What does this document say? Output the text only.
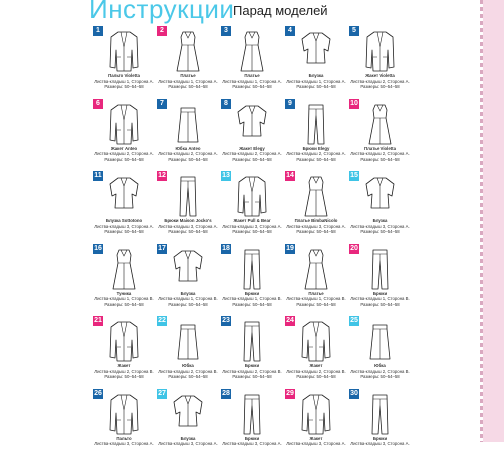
Инструкции
Парад моделей
1
Пальто Violetta
Листва-кладыш 1, Сторона А.
Размеры: 50–54–58
2
Платье
Листва-кладыш 1, Сторона А.
Размеры: 50–54–58
3
Платье
Листва-кладыш 1, Сторона А.
Размеры: 50–54–58
4
Блузка
Листва-кладыш 1, Сторона А.
Размеры: 50–54–58
5
Жакет Violetta
Листва-кладыш 2, Сторона А.
Размеры: 50–54–58
6
Жакет Anteo
Листва-кладыш 2, Сторона А.
Размеры: 50–54–58
7
Юбка Anteo
Листва-кладыш 2, Сторона А.
Размеры: 50–54–58
8
Жакет Elegy
Листва-кладыш 2, Сторона А.
Размеры: 50–54–58
9
Брюки Elegy
Листва-кладыш 2, Сторона А.
Размеры: 50–54–58
10
Платье Violetta
Листва-кладыш 2, Сторона А.
Размеры: 50–54–58
11
Блузка Sottotono
Листва-кладыш 3, Сторона А.
Размеры: 50–54–58
12
Брюки Maison Jocko's
Листва-кладыш 3, Сторона А.
Размеры: 50–54–58
13
Жакет Pull & Bear
Листва-кладыш 3, Сторона А.
Размеры: 50–54–58
14
Платье BimbaNicolo
Листва-кладыш 3, Сторона А.
Размеры: 50–54–58
15
Блузка
Листва-кладыш 3, Сторона А.
Размеры: 50–54–58
16
Туника
Листва-кладыш 1, Сторона В.
Размеры: 50–54–58
17
Блузка
Листва-кладыш 1, Сторона В.
Размеры: 50–54–58
18
Брюки
Листва-кладыш 1, Сторона В.
Размеры: 50–54–58
19
Платье
Листва-кладыш 1, Сторона В.
Размеры: 50–54–58
20
Брюки
Листва-кладыш 1, Сторона В.
Размеры: 50–54–58
21
Жакет
Листва-кладыш 2, Сторона В.
Размеры: 50–54–58
22
Юбка
Листва-кладыш 2, Сторона В.
Размеры: 50–54–58
23
Брюки
Листва-кладыш 2, Сторона В.
Размеры: 50–54–58
24
Жакет
Листва-кладыш 2, Сторона В.
Размеры: 50–54–58
25
Юбка
Листва-кладыш 2, Сторона В.
Размеры: 50–54–58
26
Пальто
Листва-кладыш 3, Сторона А.
27
Блузка
Листва-кладыш 3, Сторона А.
28
Брюки
Листва-кладыш 3, Сторона А.
29
Жакет
Листва-кладыш 3, Сторона А.
30
Брюки
Листва-кладыш 3, Сторона А.
